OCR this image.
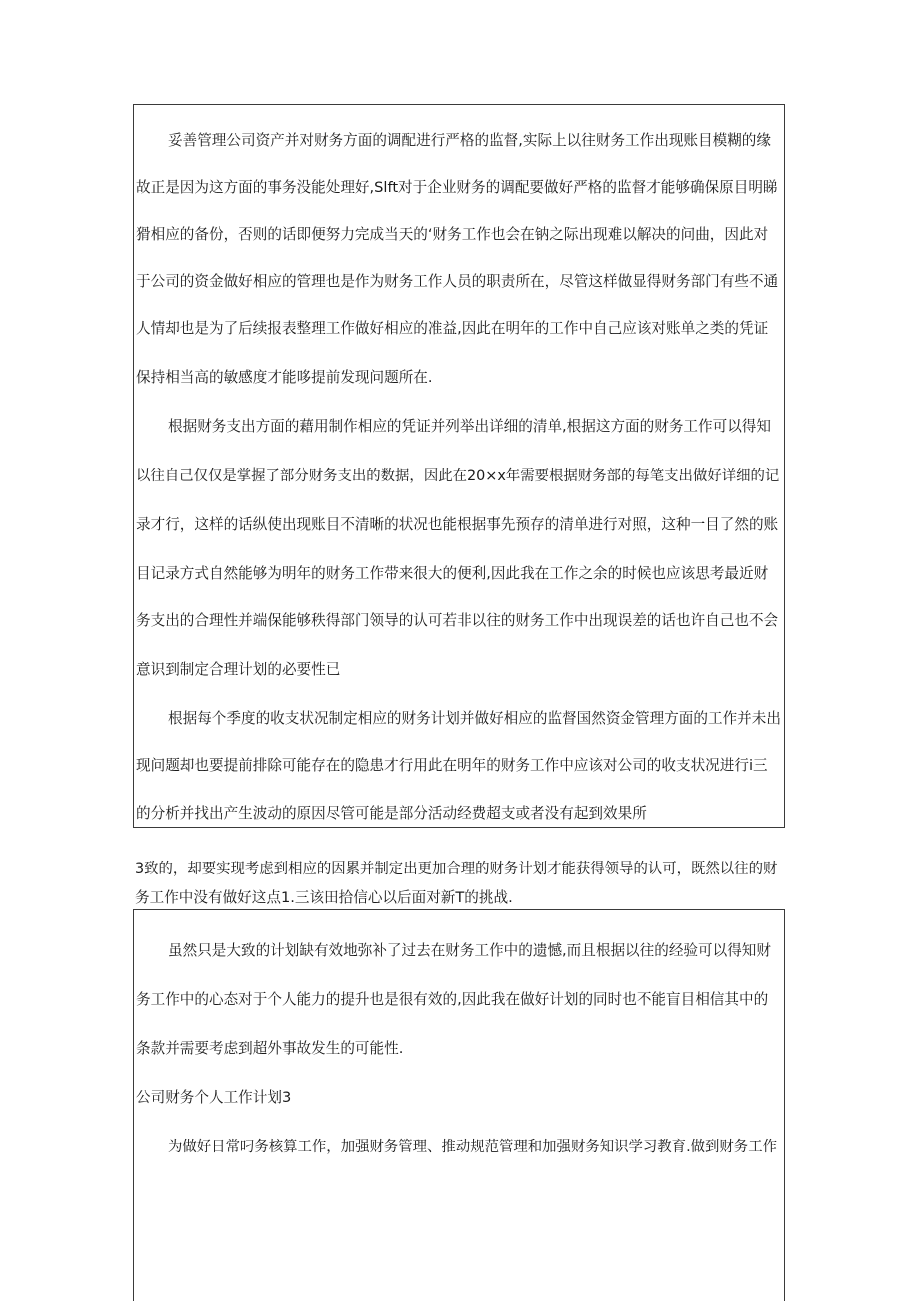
妥善管理公司资产并对财务方面的调配进行严格的监督,实际上以往财务工作出现账目模糊的缘
故正是因为这方面的事务没能处理好,Slft对于企业财务的调配要做好严格的监督才能够确保原目明睇
猾相应的备份，否则的话即便努力完成当天的‘财务工作也会在钠之际出现难以解决的问曲，因此对
于公司的资金做好相应的管理也是作为财务工作人员的职责所在，尽管这样做显得财务部门有些不通
人情却也是为了后续报表整理工作做好相应的准益,因此在明年的工作中自己应该对账单之类的凭证
保持相当高的敏感度才能哆提前发现问题所在.
根据财务支出方面的藉用制作相应的凭证并列举出详细的清单,根据这方面的财务工作可以得知
以往自己仅仅是掌握了部分财务支出的数据，因此在20×x年需要根据财务部的每笔支出做好详细的记
录才行，这样的话纵使出现账目不清晰的状况也能根据事先预存的清单进行对照，这种一目了然的账
目记录方式自然能够为明年的财务工作带来很大的便利,因此我在工作之余的时候也应该思考最近财
务支出的合理性并端保能够秩得部门领导的认可若非以往的财务工作中出现误差的话也许自己也不会
意识到制定合理计划的必要性已
根据每个季度的收支状况制定相应的财务计划并做好相应的监督国然资金管理方面的工作并未出
现问题却也要提前排除可能存在的隐患才行用此在明年的财务工作中应该对公司的收支状况进行i三
的分析并找出产生波动的原因尽管可能是部分活动经费超支或者没有起到效果所
3致的，却要实现考虑到相应的因累并制定出更加合理的财务计划才能获得领导的认可，既然以往的财
务工作中没有做好这点1.三该田拾信心以后面对新T的挑战.
虽然只是大致的计划缺有效地弥补了过去在财务工作中的遗憾,而且根据以往的经验可以得知财
务工作中的心态对于个人能力的提升也是很有效的,因此我在做好计划的同时也不能盲目相信其中的
条款并需要考虑到超外事故发生的可能性.
公司财务个人工作计划3
为做好日常叼务核算工作，加强财务管理、推动规范管理和加强财务知识学习教育.做到财务工作
